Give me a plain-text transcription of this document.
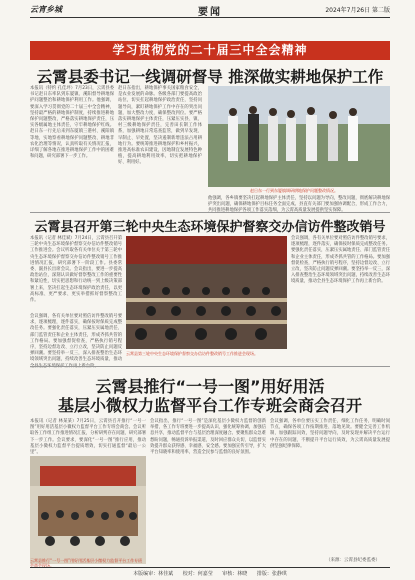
云宵乡城	要闻	2024年7月26日 第二版
学习贯彻党的二十届三中全会精神
云霄县委书记一线调研督导 推深做实耕地保护工作
本报讯（特约 孔佳坪）7月23日，云霄县委书记赵日东率队到东厦镇、溪阳督导耕地保护问题整治和耕地保护利用工作。他强调，要深入学习贯彻党的二十届三中全会精神，坚持最严格的耕地保护制度，持续推进耕地保护问题整改，严格落实耕地保护责任，压实各级属地主体责任，守牢耕地保护红线。赵日东一行先后来到东厦镇三港村、溪阳镇等地，实地察看耕地保护问题整改、耕地非农化治理等情况，认真听取有关情况汇报，详细了解各地在推进耕地保护工作中的困难和问题，研究部署下一步工作。
赵日东指出，耕地保护事关国家粮食安全，是农业发展的命脉。各级各部门要提高政治站位，切实扛起耕地保护政治责任，坚持问题导向，紧盯耕地保护工作中存在的突出问题，加大整改力度，确保整改到位。要严格落实耕地保护主体责任，压紧压实县、镇、村三级耕地保护责任，完善田长制工作体系，加强耕地日常巡查监管，做到早发现、早制止、早处置，坚决遏制新增违法占用耕地行为。要统筹推进耕地保护和乡村振兴，推进高标准农田建设，因地制宜发展特色种植，提高耕地利用效率，切实把耕地保护好、利用好。
赵日东一行到东厦镇调研耕地保护问题整改情况。
他强调，各乡镇要坚决扛起耕地保护主体责任，坚持以问题为导向，整改问题，彻底解决耕地保护突出问题，确保耕地保护目标任务全面完成。县直有关部门要加强协调配合，形成工作合力，共同推进耕地保护各项工作落实落细，为云霄高质量发展提供坚实保障。
云霄县召开第三轮中央生态环境保护督察交办信访件整改销号
本报讯（记者 林佳斌）7月24日，云霄县召开第三轮中央生态环境保护督察交办信访件整改销号工作推进会。会议听取各有关单位关于第三轮中央生态环境保护督察交办信访件整改销号工作推进情况汇报，研究部署下一阶段工作。县委常委、副县长出席会议。会议指出，要进一步提高政治站位，深刻认识做好督察整改工作的重要性和紧迫性，切实把思想和行动统一到上级决策部署上来，坚决扛起生态环境保护政治责任，以更高标准、更严要求、更实举措抓好督察整改工作。
会议强调，各有关单位要对照信访件整改销号要求，逐项梳理，逐件落实，确保按时保质完成整改任务。要强化责任落实，压紧压实属地责任、部门监管责任和企业主体责任，形成齐抓共管的工作格局。要加强督促检查，严格执行销号程序，坚持边督边改、立行立改，坚决防止问题反弹回潮。要坚持举一反三，深入排查整治生态环境领域突出问题，持续改善生态环境质量，推动全县生态环境保护工作再上新台阶。
云霄县第三轮中央生态环境保护督察交办信访件整改销号工作推进会现场。
会议强调，各有关单位要对照信访件整改销号要求，逐项梳理，逐件落实，确保按时保质完成整改任务。要强化责任落实，压紧压实属地责任、部门监管责任和企业主体责任，形成齐抓共管的工作格局。要加强督促检查，严格执行销号程序，坚持边督边改、立行立改，坚决防止问题反弹回潮。要坚持举一反三，深入排查整治生态环境领域突出问题，持续改善生态环境质量，推动全县生态环境保护工作再上新台阶。
云霄县推行“一号一图”用好用活
基层小微权力监督平台工作专班会商会召开
本报讯（记者 林某某）7月25日，云霄县召开推行“一号一图”用好用活基层小微权力监督平台工作专班会商会。会议听取各工作组工作推进情况汇报，分析研判存在问题，研究部署下一步工作。会议要求，要深化“一号一图”推行应用，推动基层小微权力监督平台提质增效，切实打通监督“最后一公里”。
云霄县推行“一号一图”用好用活基层小微权力监督平台工作专班会商会现场。
会议指出，推行“一号一图”是深化基层小微权力监督的创新举措，各工作专班要进一步提高认识，强化统筹协调，加强信息共享，推动监督平台与基层治理深度融合。要聚焦群众急难愁盼问题，畅通投诉举报渠道，及时回应群众关切，以监督实效提升群众获得感、幸福感、安全感。要加强宣传引导，扩大平台知晓率和使用率，营造全民参与监督的良好氛围。
会议强调，各单位要压实工作责任，细化工作任务，明确时间节点，确保各项工作按期推进、落地见效。要健全完善工作机制，加强跟踪问效，坚持问题导向，及时发现并解决平台运行中存在的问题，不断提升平台运行质效，为云霄高质量发展提供坚强纪律保障。
（来源：云霄县纪委监委）
本版编审：林佳斌 校对：何嘉莹 审核：林晓 排版：张静琪
